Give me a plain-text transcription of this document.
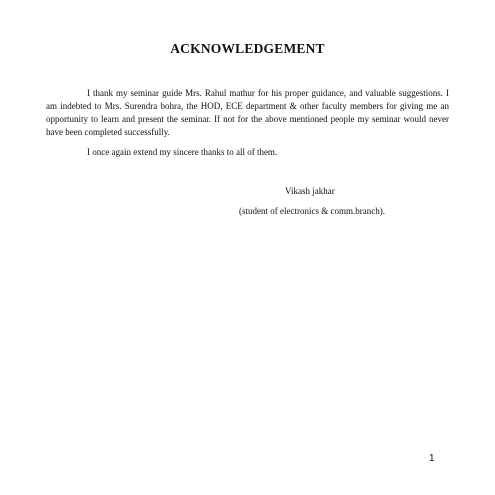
ACKNOWLEDGEMENT

I thank my seminar guide Mrs. Rahul mathur for his proper guidance, and valuable suggestions. I am indebted to Mrs. Surendra bohra, the HOD, ECE department & other faculty members for giving me an opportunity to learn and present the seminar. If not for the above mentioned people my seminar would never have been completed successfully.

I once again extend my sincere thanks to all of them.

Vikash jakhar
(student of electronics & comm.branch).
1
